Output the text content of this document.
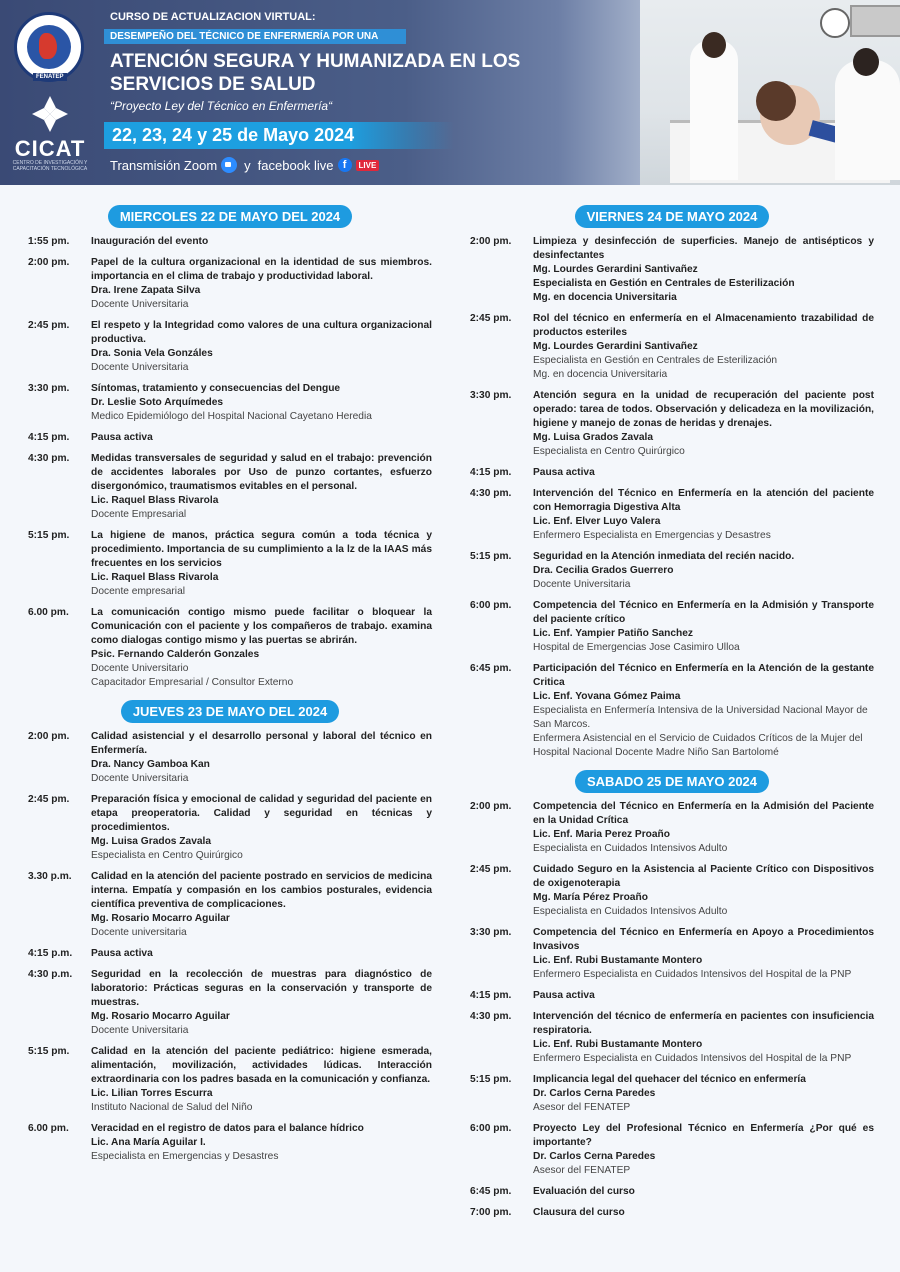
FENATEP
CICAT
CENTRO DE INVESTIGACIÓN Y CAPACITACIÓN TECNOLÓGICA
CURSO DE ACTUALIZACION VIRTUAL:
DESEMPEÑO DEL TÉCNICO DE ENFERMERÍA POR UNA
ATENCIÓN SEGURA Y HUMANIZADA EN LOS SERVICIOS DE SALUD
“Proyecto Ley del Técnico en Enfermería“
22, 23, 24 y 25 de Mayo 2024
Transmisión Zoom y facebook live f	LIVE
MIERCOLES 22 DE MAYO DEL 2024
1:55 pm.	Inauguración del evento
2:00 pm.	Papel de la cultura organizacional en la identidad de sus miembros. importancia en el clima de trabajo y productividad laboral.
Dra. Irene Zapata Silva
Docente Universitaria
2:45 pm.	El respeto y la Integridad como valores de una cultura organizacional productiva.
Dra. Sonia Vela Gonzáles
Docente Universitaria
3:30 pm.	Síntomas, tratamiento y consecuencias del Dengue
Dr. Leslie Soto Arquímedes
Medico Epidemiólogo del Hospital Nacional Cayetano Heredia
4:15 pm.	Pausa activa
4:30 pm.	Medidas transversales de seguridad y salud en el trabajo: prevención de accidentes laborales por Uso de punzo cortantes, esfuerzo disergonómico, traumatismos evitables en el personal.
Lic. Raquel Blass Rivarola
Docente Empresarial
5:15 pm.	La higiene de manos, práctica segura común a toda técnica y procedimiento. Importancia de su cumplimiento a la lz de la IAAS más frecuentes en los servicios
Lic. Raquel Blass Rivarola
Docente empresarial
6.00 pm.	La comunicación contigo mismo puede facilitar o bloquear la Comunicación con el paciente y los compañeros de trabajo. examina como dialogas contigo mismo y las puertas se abrirán.
Psic. Fernando Calderón Gonzales
Docente Universitario
Capacitador Empresarial / Consultor Externo
JUEVES 23 DE MAYO DEL 2024
2:00 pm.	Calidad asistencial y el desarrollo personal y laboral del técnico en Enfermería.
Dra. Nancy Gamboa Kan
Docente Universitaria
2:45 pm.	Preparación física y emocional de calidad y seguridad del paciente en etapa preoperatoria. Calidad y seguridad en técnicas y procedimientos.
Mg. Luisa Grados Zavala
Especialista en Centro Quirúrgico
3.30 p.m.	Calidad en la atención del paciente postrado en servicios de medicina interna. Empatía y compasión en los cambios posturales, evidencia científica preventiva de complicaciones.
Mg. Rosario Mocarro Aguilar
Docente universitaria
4:15 p.m.	Pausa activa
4:30 p.m.	Seguridad en la recolección de muestras para diagnóstico de laboratorio: Prácticas seguras en la conservación y transporte de muestras.
Mg. Rosario Mocarro Aguilar
Docente Universitaria
5:15 pm.	Calidad en la atención del paciente pediátrico: higiene esmerada, alimentación, movilización, actividades lúdicas. Interacción extraordinaria con los padres basada en la comunicación y confianza.
Lic. Lilian Torres Escurra
Instituto Nacional de Salud del Niño
6.00 pm.	Veracidad en el registro de datos para el balance hídrico
Lic. Ana María Aguilar I.
Especialista en Emergencias y Desastres
VIERNES 24 DE MAYO 2024
2:00 pm.	Limpieza y desinfección de superficies. Manejo de antisépticos y desinfectantes
Mg. Lourdes Gerardini Santivañez
Especialista en Gestión en Centrales de Esterilización
Mg. en docencia Universitaria
2:45 pm.	Rol del técnico en enfermería en el Almacenamiento trazabilidad de productos esteriles
Mg. Lourdes Gerardini Santivañez
Especialista en Gestión en Centrales de Esterilización
Mg. en docencia Universitaria
3:30 pm.	Atención segura en la unidad de recuperación del paciente post operado: tarea de todos. Observación y delicadeza en la movilización, higiene y manejo de zonas de heridas y drenajes.
Mg. Luisa Grados Zavala
Especialista en Centro Quirúrgico
4:15 pm.	Pausa activa
4:30 pm.	Intervención del Técnico en Enfermería en la atención del paciente con Hemorragia Digestiva Alta
Lic. Enf. Elver Luyo Valera
Enfermero Especialista en Emergencias y Desastres
5:15 pm.	Seguridad en la Atención inmediata del recién nacido.
Dra. Cecilia Grados Guerrero
Docente Universitaria
6:00 pm.	Competencia del Técnico en Enfermería en la Admisión y Transporte del paciente crítico
Lic. Enf. Yampier Patiño Sanchez
Hospital de Emergencias Jose Casimiro Ulloa
6:45 pm.	Participación del Técnico en Enfermería en la Atención de la gestante Critica
Lic. Enf. Yovana Gómez Paima
Especialista en Enfermería Intensiva de la Universidad Nacional Mayor de San Marcos.
Enfermera Asistencial en el Servicio de Cuidados Críticos de la Mujer del Hospital Nacional Docente Madre Niño San Bartolomé
SABADO 25 DE MAYO 2024
2:00 pm.	Competencia del Técnico en Enfermería en la Admisión del Paciente en la Unidad Crítica
Lic. Enf. Maria Perez Proaño
Especialista en Cuidados Intensivos Adulto
2:45 pm.	Cuidado Seguro en la Asistencia al Paciente Crítico con Dispositivos de oxigenoterapia
Mg. María Pérez Proaño
Especialista en Cuidados Intensivos Adulto
3:30 pm.	Competencia del Técnico en Enfermería en Apoyo a Procedimientos Invasivos
Lic. Enf. Rubi Bustamante Montero
Enfermero Especialista en Cuidados Intensivos del Hospital de la PNP
4:15 pm.	Pausa activa
4:30 pm.	Intervención del técnico de enfermería en pacientes con insuficiencia respiratoria.
Lic. Enf. Rubi Bustamante Montero
Enfermero Especialista en Cuidados Intensivos del Hospital de la PNP
5:15 pm.	Implicancia legal del quehacer del técnico en enfermería
Dr. Carlos Cerna Paredes
Asesor del FENATEP
6:00 pm.	Proyecto Ley del Profesional Técnico en Enfermería ¿Por qué es importante?
Dr. Carlos Cerna Paredes
Asesor del FENATEP
6:45 pm.	Evaluación del curso
7:00 pm.	Clausura del curso
